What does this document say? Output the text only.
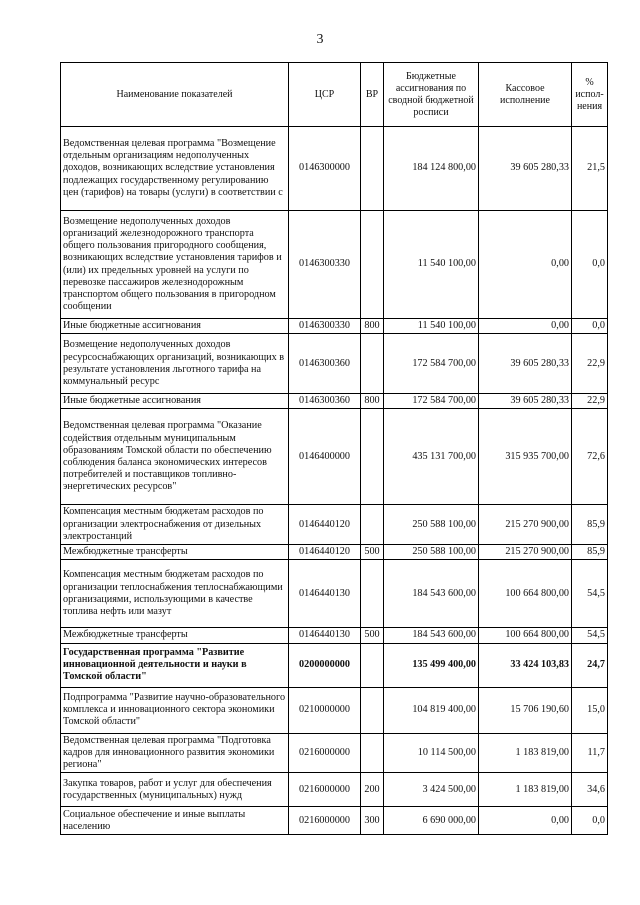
3
Наименование показателей	ЦСР	ВР	Бюджетные ассигнования по сводной бюджетной росписи	Кассовое исполнение	% испол-нения
Ведомственная целевая программа "Возмещение отдельным организациям недополученных доходов, возникающих вследствие установления подлежащих государственному регулированию цен (тарифов) на товары (услуги) в соответствии с	0146300000		184 124 800,00	39 605 280,33	21,5
Возмещение недополученных доходов организаций железнодорожного транспорта общего пользования пригородного сообщения, возникающих вследствие установления тарифов и (или) их предельных уровней на услуги по перевозке пассажиров железнодорожным транспортом общего пользования в пригородном сообщении	0146300330		11 540 100,00	0,00	0,0
Иные бюджетные ассигнования	0146300330	800	11 540 100,00	0,00	0,0
Возмещение недополученных доходов ресурсоснабжающих организаций, возникающих в результате установления льготного тарифа на коммунальный ресурс	0146300360		172 584 700,00	39 605 280,33	22,9
Иные бюджетные ассигнования	0146300360	800	172 584 700,00	39 605 280,33	22,9
Ведомственная целевая программа "Оказание содействия отдельным муниципальным образованиям Томской области по обеспечению соблюдения баланса экономических интересов потребителей и поставщиков топливно-энергетических ресурсов"	0146400000		435 131 700,00	315 935 700,00	72,6
Компенсация местным бюджетам расходов по организации электроснабжения от дизельных электростанций	0146440120		250 588 100,00	215 270 900,00	85,9
Межбюджетные трансферты	0146440120	500	250 588 100,00	215 270 900,00	85,9
Компенсация местным бюджетам расходов по организации теплоснабжения теплоснабжающими организациями, использующими в качестве топлива нефть или мазут	0146440130		184 543 600,00	100 664 800,00	54,5
Межбюджетные трансферты	0146440130	500	184 543 600,00	100 664 800,00	54,5
Государственная программа "Развитие инновационной деятельности и науки в Томской области"	0200000000		135 499 400,00	33 424 103,83	24,7
Подпрограмма "Развитие научно-образовательного комплекса и инновационного сектора экономики Томской области"	0210000000		104 819 400,00	15 706 190,60	15,0
Ведомственная целевая программа "Подготовка кадров для инновационного развития экономики региона"	0216000000		10 114 500,00	1 183 819,00	11,7
Закупка товаров, работ и услуг для обеспечения государственных (муниципальных) нужд	0216000000	200	3 424 500,00	1 183 819,00	34,6
Социальное обеспечение и иные выплаты населению	0216000000	300	6 690 000,00	0,00	0,0
